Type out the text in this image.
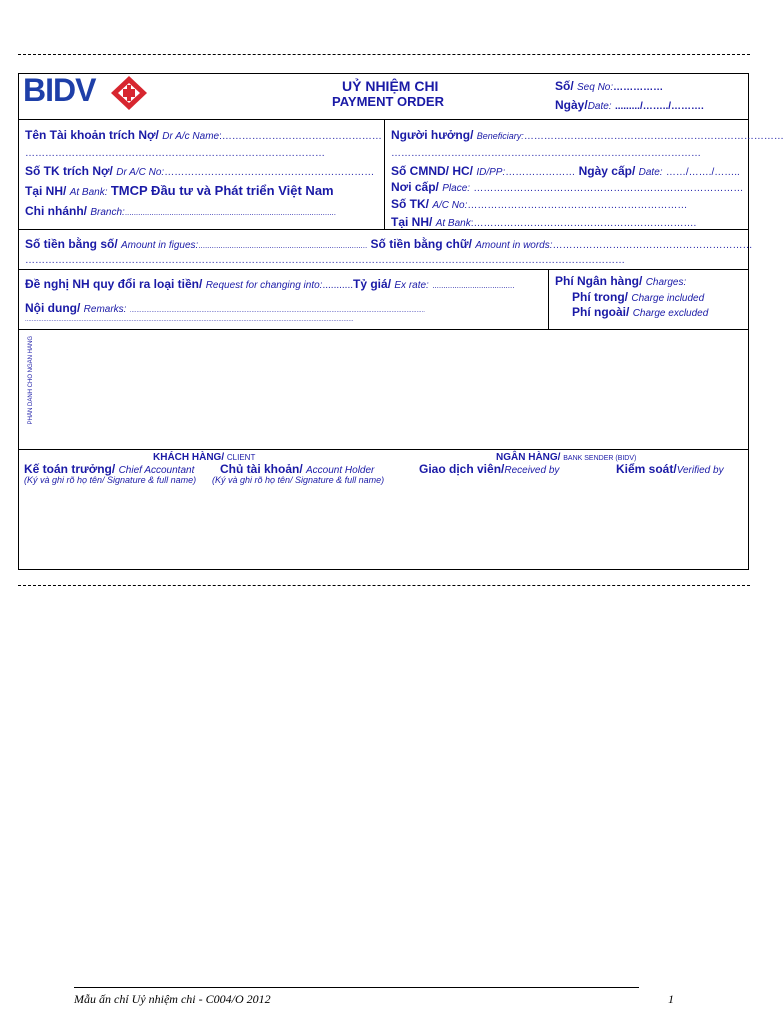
BIDV	UỶ NHIỆM CHI
PAYMENT ORDER
Số/ Seq No:……………
Ngày/Date: ........./……../……….
Tên Tài khoản trích Nợ/ Dr A/c Name:…………………………………………
………………………………………………………………………………
Số TK trích Nợ/ Dr A/C No:………………………………………………………
Tại NH/ At Bank: TMCP Đầu tư và Phát triển Việt Nam
Chi nhánh/ Branch:...............................................................................................
Người hưởng/ Beneficiary:……………………………………………………………………
…………………………………………………………………………………
Số CMND/ HC/ ID/PP:………………… Ngày cấp/ Date: ……/……./……..
Nơi cấp/ Place: ………………………………………………………………………
Số TK/ A/C No:…………………………………………………………
Tại NH/ At Bank:………………………………………………………….
Số tiền bằng số/ Amount in figues:............................................................................ Số tiền bằng chữ/ Amount in words:……………………………………………………
………………………………………………………………………………………………………………………………………………………………
Đề nghị NH quy đổi ra loại tiền/ Request for changing into:...........Tỷ giá/ Ex rate: .....................................
Nội dung/ Remarks: .................................................................................................................................................................................
.....................................................................................................................................................................................................
Phí Ngân hàng/ Charges:
Phí trong/ Charge included
Phí ngoài/ Charge excluded
PHẦN DÀNH CHO NGÂN HÀNG
KHÁCH HÀNG/ CLIENT	NGÂN HÀNG/ BANK SENDER (BIDV)
Kế toán trưởng/ Chief Accountant Chủ tài khoản/ Account Holder	Giao dịch viên/Received by	Kiểm soát/Verified by
(Ký và ghi rõ họ tên/ Signature & full name) (Ký và ghi rõ họ tên/ Signature & full name)
Mẫu ấn chỉ Uỷ nhiệm chi - C004/O 2012	1
